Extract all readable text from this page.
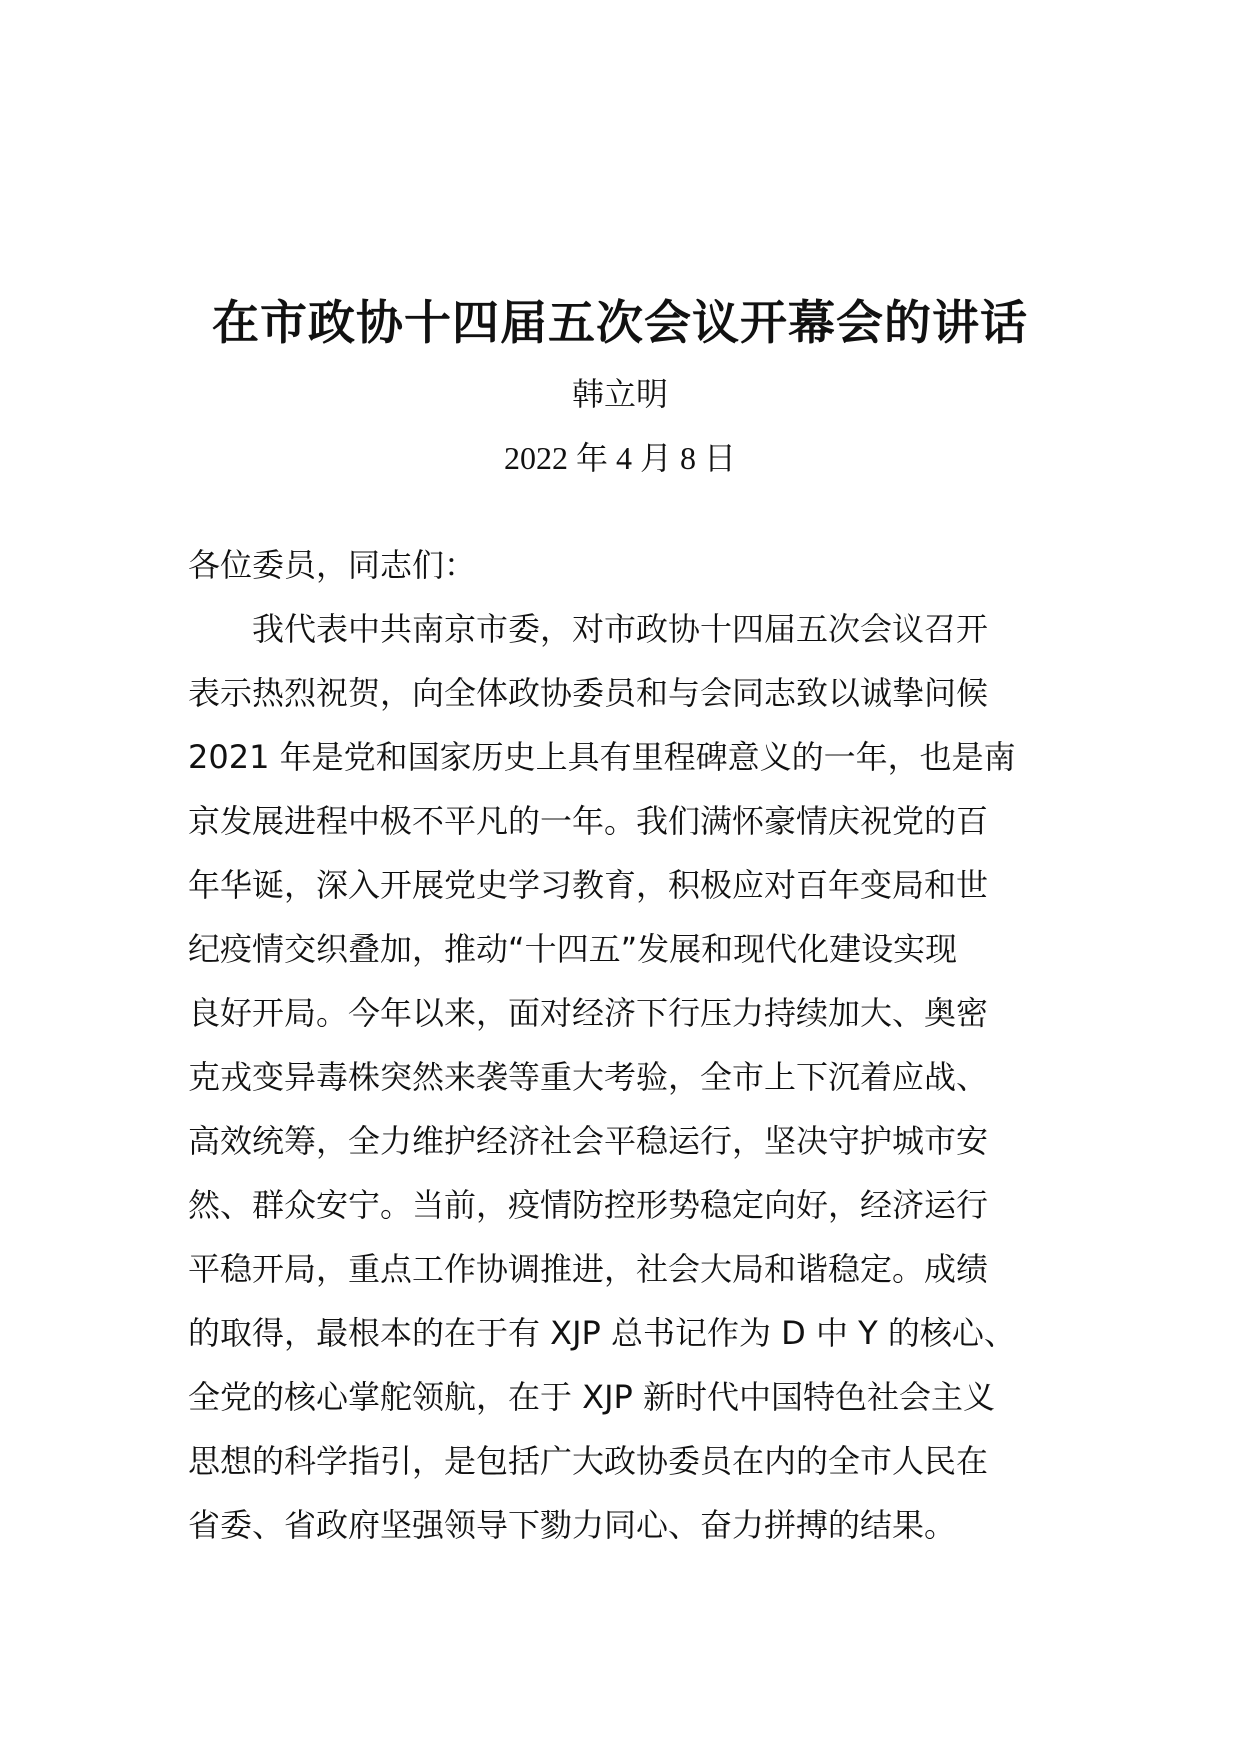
在市政协十四届五次会议开幕会的讲话
韩立明
2022 年 4 月 8 日
各位委员，同志们：
　　我代表中共南京市委，对市政协十四届五次会议召开
表示热烈祝贺，向全体政协委员和与会同志致以诚挚问候
2021 年是党和国家历史上具有里程碑意义的一年，也是南
京发展进程中极不平凡的一年。我们满怀豪情庆祝党的百
年华诞，深入开展党史学习教育，积极应对百年变局和世
纪疫情交织叠加，推动“十四五”发展和现代化建设实现
良好开局。今年以来，面对经济下行压力持续加大、奥密
克戎变异毒株突然来袭等重大考验，全市上下沉着应战、
高效统筹，全力维护经济社会平稳运行，坚决守护城市安
然、群众安宁。当前，疫情防控形势稳定向好，经济运行
平稳开局，重点工作协调推进，社会大局和谐稳定。成绩
的取得，最根本的在于有 XJP 总书记作为 D 中 Y 的核心、
全党的核心掌舵领航，在于 XJP 新时代中国特色社会主义
思想的科学指引，是包括广大政协委员在内的全市人民在
省委、省政府坚强领导下勠力同心、奋力拼搏的结果。
